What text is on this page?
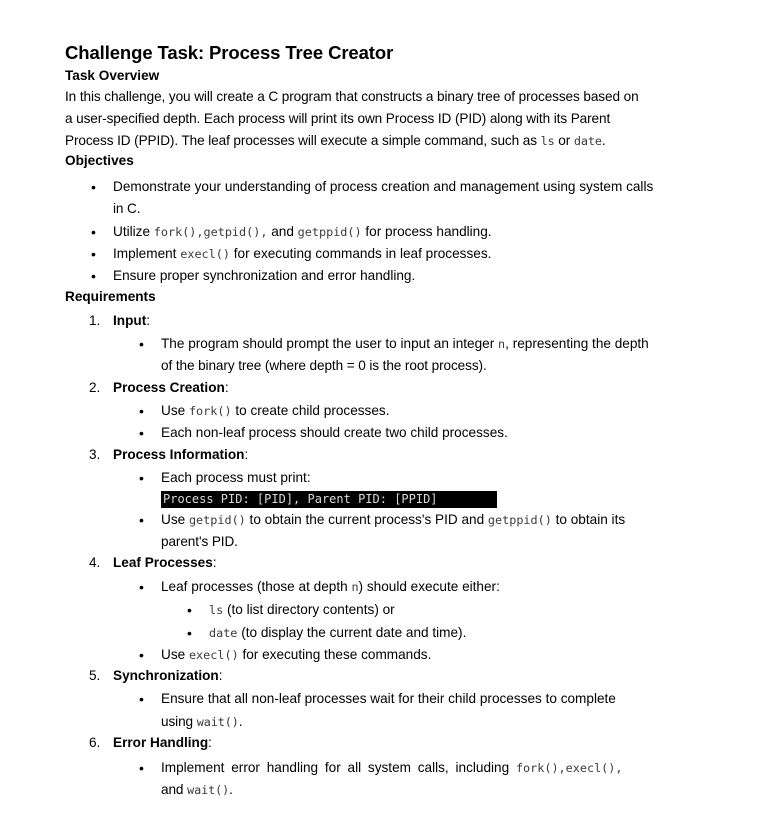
Challenge Task: Process Tree Creator
Task Overview
In this challenge, you will create a C program that constructs a binary tree of processes based on
a user-specified depth. Each process will print its own Process ID (PID) along with its Parent
Process ID (PPID). The leaf processes will execute a simple command, such as ls or date.
Objectives
• Demonstrate your understanding of process creation and management using system calls
in C.
• Utilize fork(),getpid(), and getppid() for process handling.
• Implement execl() for executing commands in leaf processes.
• Ensure proper synchronization and error handling.
Requirements
1. Input:
• The program should prompt the user to input an integer n, representing the depth
of the binary tree (where depth = 0 is the root process).
2. Process Creation:
• Use fork() to create child processes.
• Each non-leaf process should create two child processes.
3. Process Information:
• Each process must print:
Process PID: [PID], Parent PID: [PPID]
• Use getpid() to obtain the current process's PID and getppid() to obtain its
parent's PID.
4. Leaf Processes:
• Leaf processes (those at depth n) should execute either:
• ls (to list directory contents) or
• date (to display the current date and time).
• Use execl() for executing these commands.
5. Synchronization:
• Ensure that all non-leaf processes wait for their child processes to complete
using wait().
6. Error Handling:
• Implement error handling for all system calls, including fork(),execl(),
and wait().
